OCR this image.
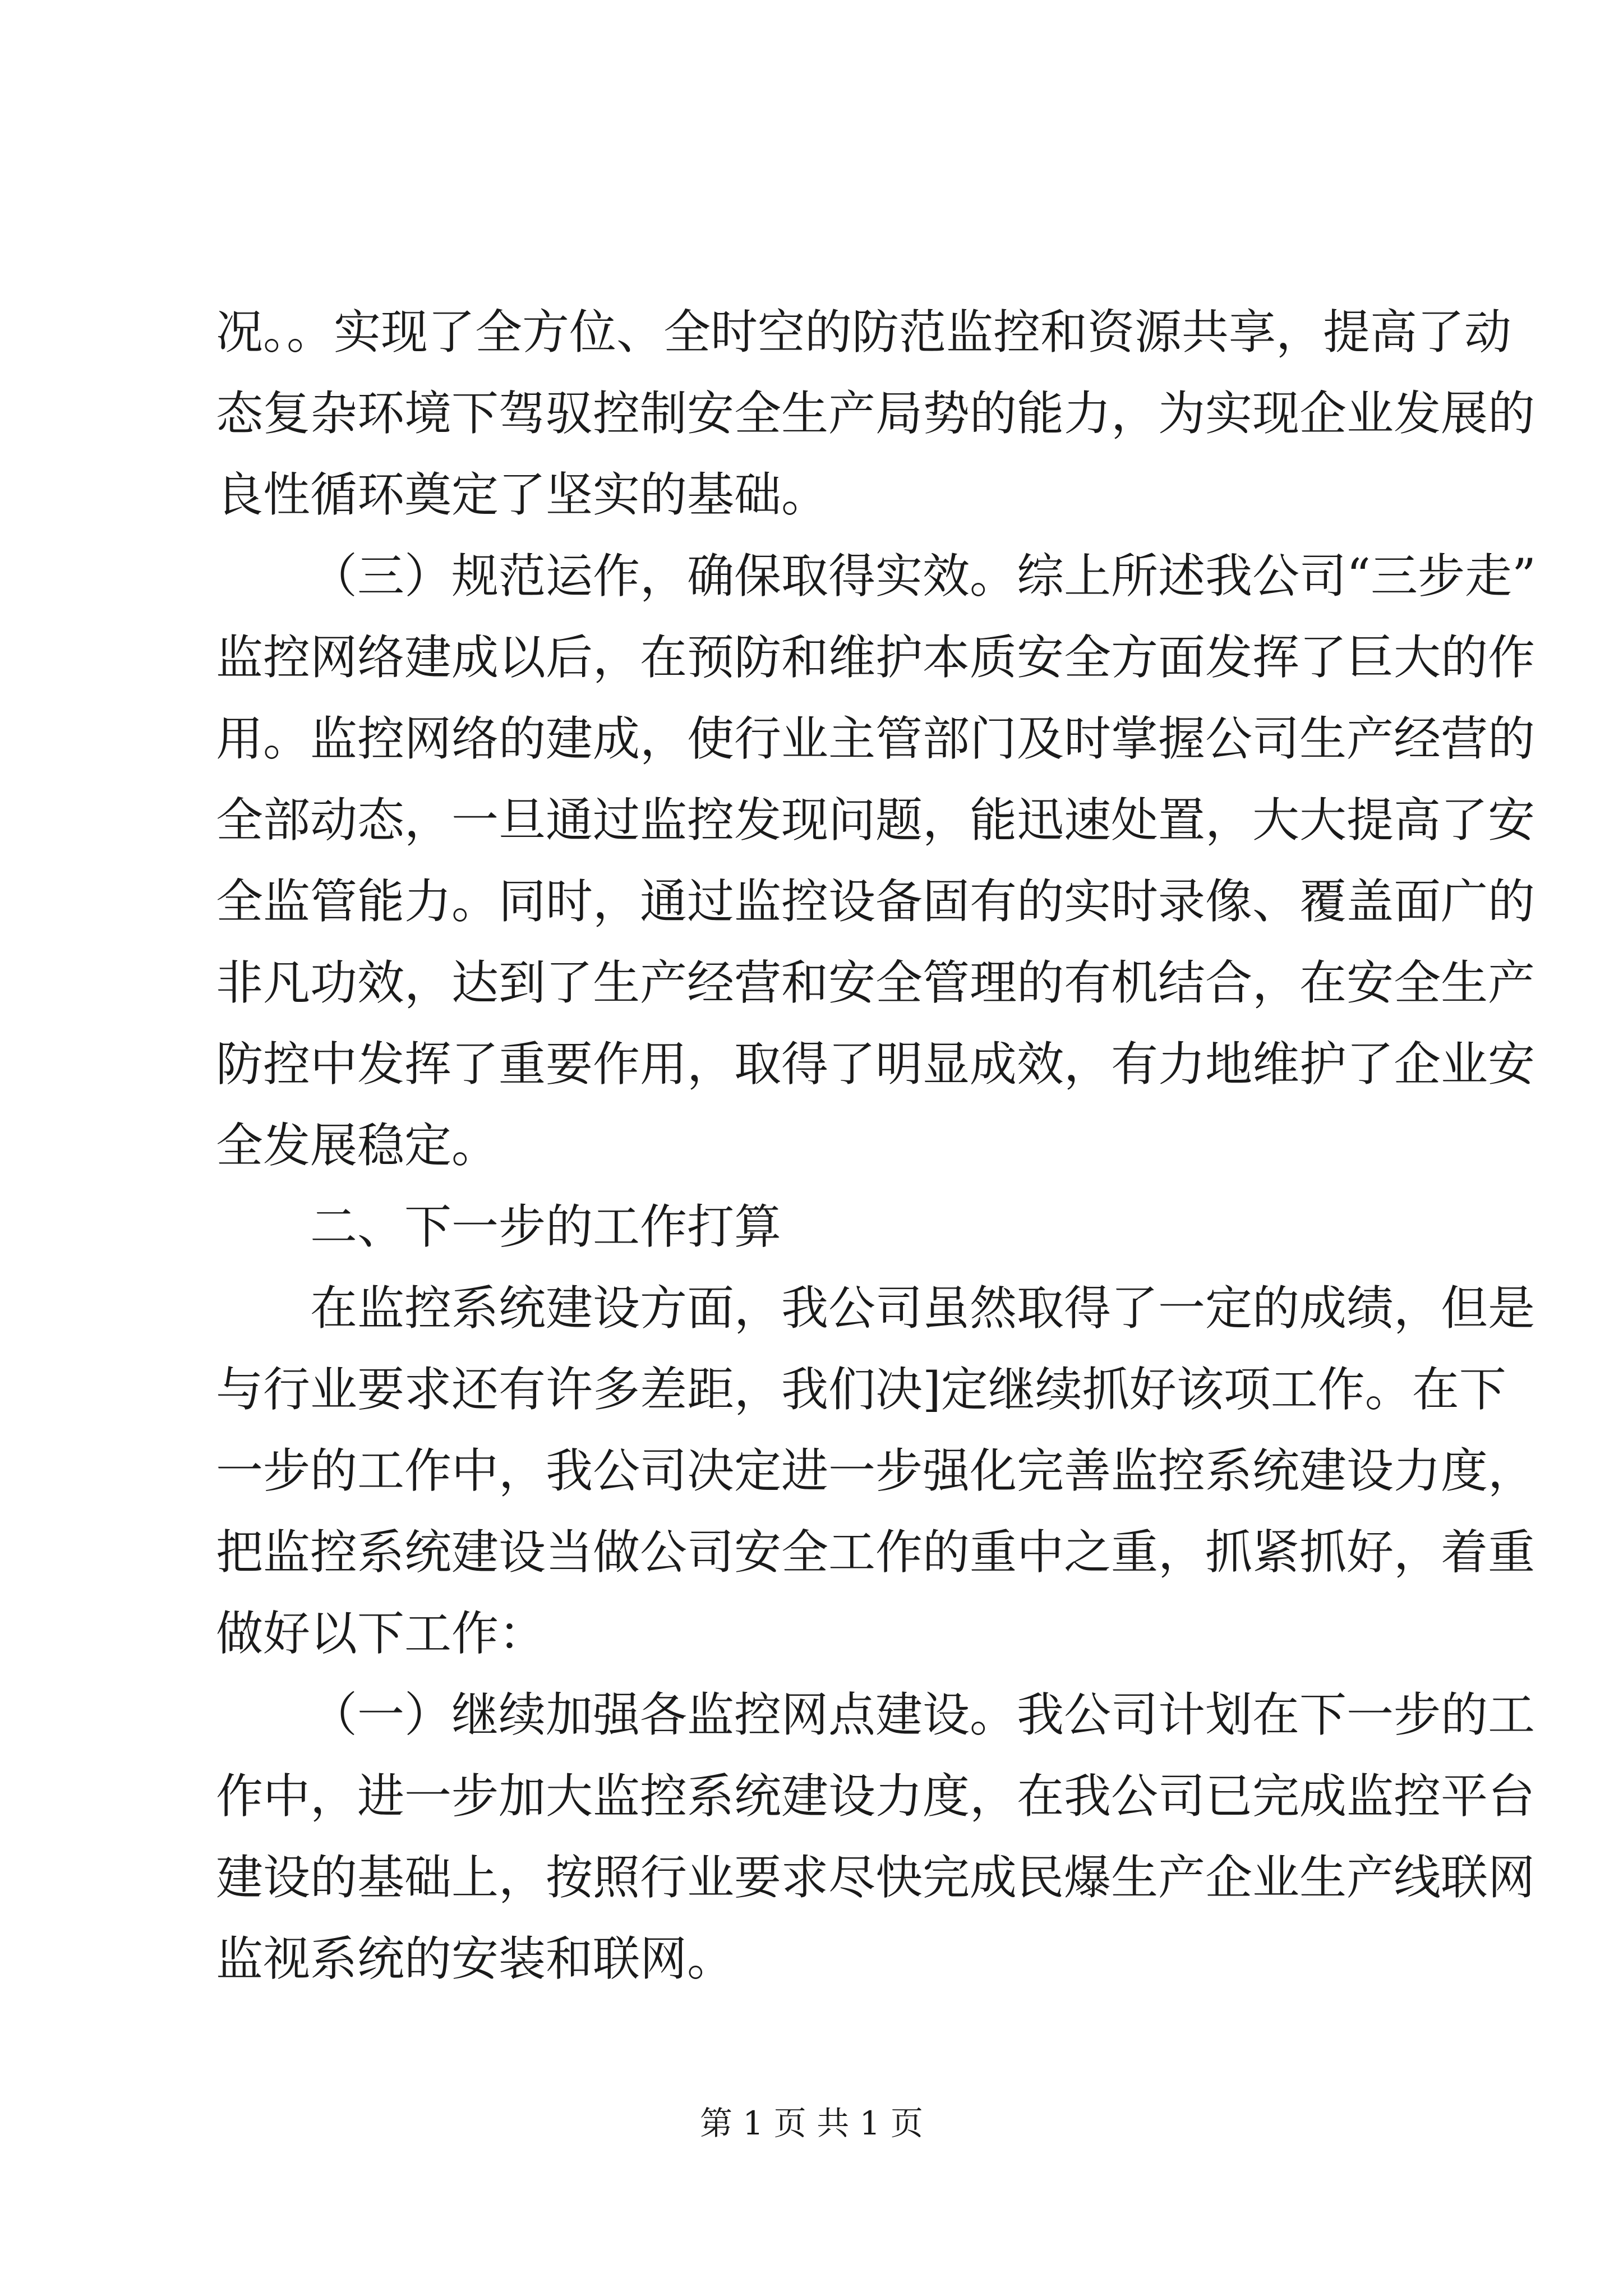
况。。实现了全方位、全时空的防范监控和资源共享，提高了动
态复杂环境下驾驭控制安全生产局势的能力，为实现企业发展的
良性循环奠定了坚实的基础。
（三）规范运作，确保取得实效。综上所述我公司“三步走”
监控网络建成以后，在预防和维护本质安全方面发挥了巨大的作
用。监控网络的建成，使行业主管部门及时掌握公司生产经营的
全部动态，一旦通过监控发现问题，能迅速处置，大大提高了安
全监管能力。同时，通过监控设备固有的实时录像、覆盖面广的
非凡功效，达到了生产经营和安全管理的有机结合，在安全生产
防控中发挥了重要作用，取得了明显成效，有力地维护了企业安
全发展稳定。
二、下一步的工作打算
在监控系统建设方面，我公司虽然取得了一定的成绩，但是
与行业要求还有许多差距，我们决]定继续抓好该项工作。在下
一步的工作中，我公司决定进一步强化完善监控系统建设力度，
把监控系统建设当做公司安全工作的重中之重，抓紧抓好，着重
做好以下工作：
（一）继续加强各监控网点建设。我公司计划在下一步的工
作中，进一步加大监控系统建设力度，在我公司已完成监控平台
建设的基础上，按照行业要求尽快完成民爆生产企业生产线联网
监视系统的安装和联网。
第 1 页 共 1 页
